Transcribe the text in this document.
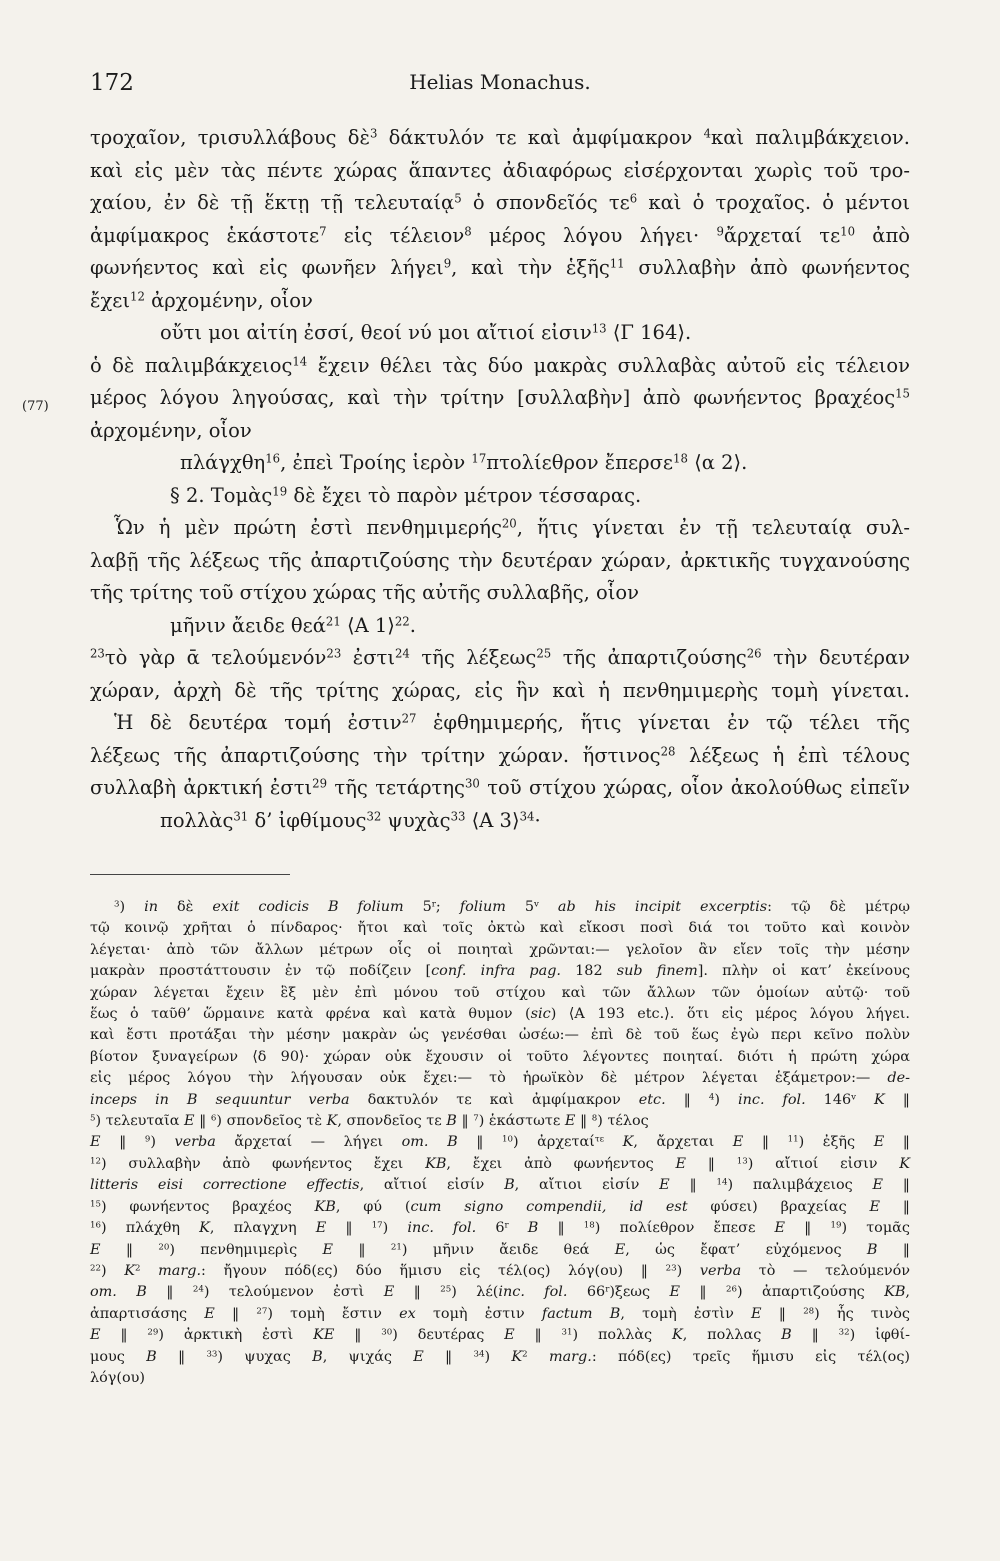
172	Helias Monachus.
τροχαῖον, τρισυλλάβους δὲ$^3$ δάκτυλόν τε καὶ ἀμφίμακρον $^4$καὶ παλιμβάκχειον.
καὶ εἰς μὲν τὰς πέντε χώρας ἅπαντες ἀδιαφόρως εἰσέρχονται χωρὶς τοῦ τρο-
χαίου, ἐν δὲ τῇ ἕκτῃ τῇ τελευταίᾳ$^5$ ὁ σπονδεῖός $\tau\varepsilon^6$ καὶ ὁ τροχαῖος. ὁ μέντοι
ἀμφίμακρος ἑκάστοτε$^7$ εἰς τέλειον$^8$ μέρος λόγου λήγει· $^9$ἄρχεταί $\tau\varepsilon^{10}$ ἀπὸ
φωνήεντος καὶ εἰς φωνῆεν λήγει$^9$, καὶ τὴν ἑξῆς$^{11}$ συλλαβὴν ἀπὸ φωνήεντος
ἔχει$^{12}$ ἀρχομένην, οἷον
οὔτι μοι αἰτίη ἐσσί, θεοί νύ μοι αἴτιοί εἰσιν$^{13}$ ⟨Γ 164⟩.
ὁ δὲ παλιμβάκχειος$^{14}$ ἔχειν θέλει τὰς δύο μακρὰς συλλαβὰς αὐτοῦ εἰς τέλειον
μέρος λόγου ληγούσας, καὶ τὴν τρίτην [συλλαβὴν] ἀπὸ φωνήεντος βραχέος$^{15}$
(77)
ἀρχομένην, οἷον
πλάγχθη$^{16}$, ἐπεὶ Τροίης ἱερὸν $^{17}$πτολίεθρον ἔπερσε$^{18}$ ⟨α 2⟩.
§ 2. Τομὰς$^{19}$ δὲ ἔχει τὸ παρὸν μέτρον τέσσαρας.
Ὧν ἡ μὲν πρώτη ἐστὶ πενθημιμερής$^{20}$, ἥτις γίνεται ἐν τῇ τελευταίᾳ συλ-
λαβῇ τῆς λέξεως τῆς ἀπαρτιζούσης τὴν δευτέραν χώραν, ἀρκτικῆς τυγχανούσης
τῆς τρίτης τοῦ στίχου χώρας τῆς αὐτῆς συλλαβῆς, οἷον
μῆνιν ἄειδε θεά$^{21}$ ⟨Α 1⟩$^{22}$.
$^{23}$τὸ γὰρ ᾱ τελούμενόν$^{23}$ ἐστι$^{24}$ τῆς λέξεως$^{25}$ τῆς ἀπαρτιζούσης$^{26}$ τὴν δευτέραν
χώραν, ἀρχὴ δὲ τῆς τρίτης χώρας, εἰς ἣν καὶ ἡ πενθημιμερὴς τομὴ γίνεται.
Ἡ δὲ δευτέρα τομή ἐστιν$^{27}$ ἑφθημιμερής, ἥτις γίνεται ἐν τῷ τέλει τῆς
λέξεως τῆς ἀπαρτιζούσης τὴν τρίτην χώραν. ἥστινος$^{28}$ λέξεως ἡ ἐπὶ τέλους
συλλαβὴ ἀρκτική ἐστι$^{29}$ τῆς τετάρτης$^{30}$ τοῦ στίχου χώρας, οἷον ἀκολούθως εἰπεῖν
πολλὰς$^{31}$ δ’ ἰφθίμους$^{32}$ ψυχὰς$^{33}$ ⟨Α 3⟩$^{34}$·
$^3$) in δὲ exit codicis B folium 5$^r$; folium 5$^v$ ab his incipit excerptis: τῷ δὲ μέτρῳ
τῷ κοινῷ χρῆται ὁ πίνδαρος· ἤτοι καὶ τοῖς ὀκτὼ καὶ εἴκοσι ποσὶ διά τοι τοῦτο καὶ κοινὸν
λέγεται· ἀπὸ τῶν ἄλλων μέτρων οἷς οἱ ποιηταὶ χρῶνται:— γελοῖον ἂν εἴεν τοῖς τὴν μέσην
μακρὰν προστάττουσιν ἐν τῷ ποδίζειν [conf. infra pag. 182 sub finem]. πλὴν οἱ κατ’ ἐκείνους
χώραν λέγεται ἔχειν ἓξ μὲν ἐπὶ μόνου τοῦ στίχου καὶ τῶν ἄλλων τῶν ὁμοίων αὐτῷ· τοῦ
ἕως ὁ ταῦθ’ ὥρμαινε κατὰ φρένα καὶ κατὰ θυμον (sic) ⟨Α 193 etc.⟩. ὅτι εἰς μέρος λόγου λήγει.
καὶ ἔστι προτάξαι τὴν μέσην μακρὰν ὡς γενέσθαι ὠσέω:— ἐπὶ δὲ τοῦ ἕως ἐγὼ περι κεῖνο πολὺν
βίοτον ξυναγείρων ⟨δ 90⟩· χώραν οὐκ ἔχουσιν οἱ τοῦτο λέγοντες ποιηταί. διότι ἡ πρώτη χώρα
εἰς μέρος λόγου τὴν λήγουσαν οὐκ ἔχει:— τὸ ἡρωϊκὸν δὲ μέτρον λέγεται ἑξάμετρον:— de-
inceps in B sequuntur verba δακτυλόν τε καὶ ἀμφίμακρον etc. ‖ $^4$) inc. fol. 146$^v$ K ‖
$^5$) τελευταῖα E ‖ $^6$) σπονδεῖος τὲ K, σπονδεῖος τε B ‖ $^7$) ἑκάστωτε E ‖ $^8$) τέλος
E ‖ $^9$) verba ἄρχεταί — λήγει om. B ‖ $^{10}$) ἀρχεταί$^{\tau\varepsilon}$ K, ἄρχεται E ‖ $^{11}$) ἐξῆς E ‖
$^{12}$) συλλαβὴν ἀπὸ φωνήεντος ἔχει KB, ἔχει ἀπὸ φωνήεντος E ‖ $^{13}$) αἴτιοί εἰσιν K
litteris eisi correctione effectis, αἴτιοί εἰσίν B, αἴτιοι εἰσίν E ‖ $^{14}$) παλιμβάχειος E ‖
$^{15}$) φωνήεντος βραχέος KB, φύ (cum signo compendii, id est φύσει) βραχείας E ‖
$^{16}$) πλάχθη K, πλαγχνη E ‖ $^{17}$) inc. fol. 6$^r$ B ‖ $^{18}$) πολίεθρον ἔπεσε E ‖ $^{19}$) τομᾶς
E ‖ $^{20}$) πενθημιμερὶς E ‖ $^{21}$) μῆνιν ἄειδε θεά E, ὡς ἔφατ’ εὐχόμενος B ‖
$^{22}$) $K^2$ marg.: ἤγουν πόδ(ες) δύο ἥμισυ εἰς τέλ(ος) λόγ(ου) ‖ $^{23}$) verba τὸ — τελούμενόν
om. B ‖ $^{24}$) τελούμενον ἐστὶ E ‖ $^{25}$) λέ(inc. fol. 66$^r$)ξεως E ‖ $^{26}$) ἀπαρτιζούσης KB,
ἀπαρτισάσης E ‖ $^{27}$) τομὴ ἔστιν ex τομὴ ἐστιν factum B, τομὴ ἐστὶν E ‖ $^{28}$) ἧς τινὸς
E ‖ $^{29}$) ἀρκτικὴ ἐστὶ KE ‖ $^{30}$) δευτέρας E ‖ $^{31}$) πολλὰς K, πολλας B ‖ $^{32}$) ἰφθί-
μους B ‖ $^{33}$) ψυχας B, ψιχάς E ‖ $^{34}$) $K^2$ marg.: πόδ(ες) τρεῖς ἥμισυ εἰς τέλ(ος)
λόγ(ου)
